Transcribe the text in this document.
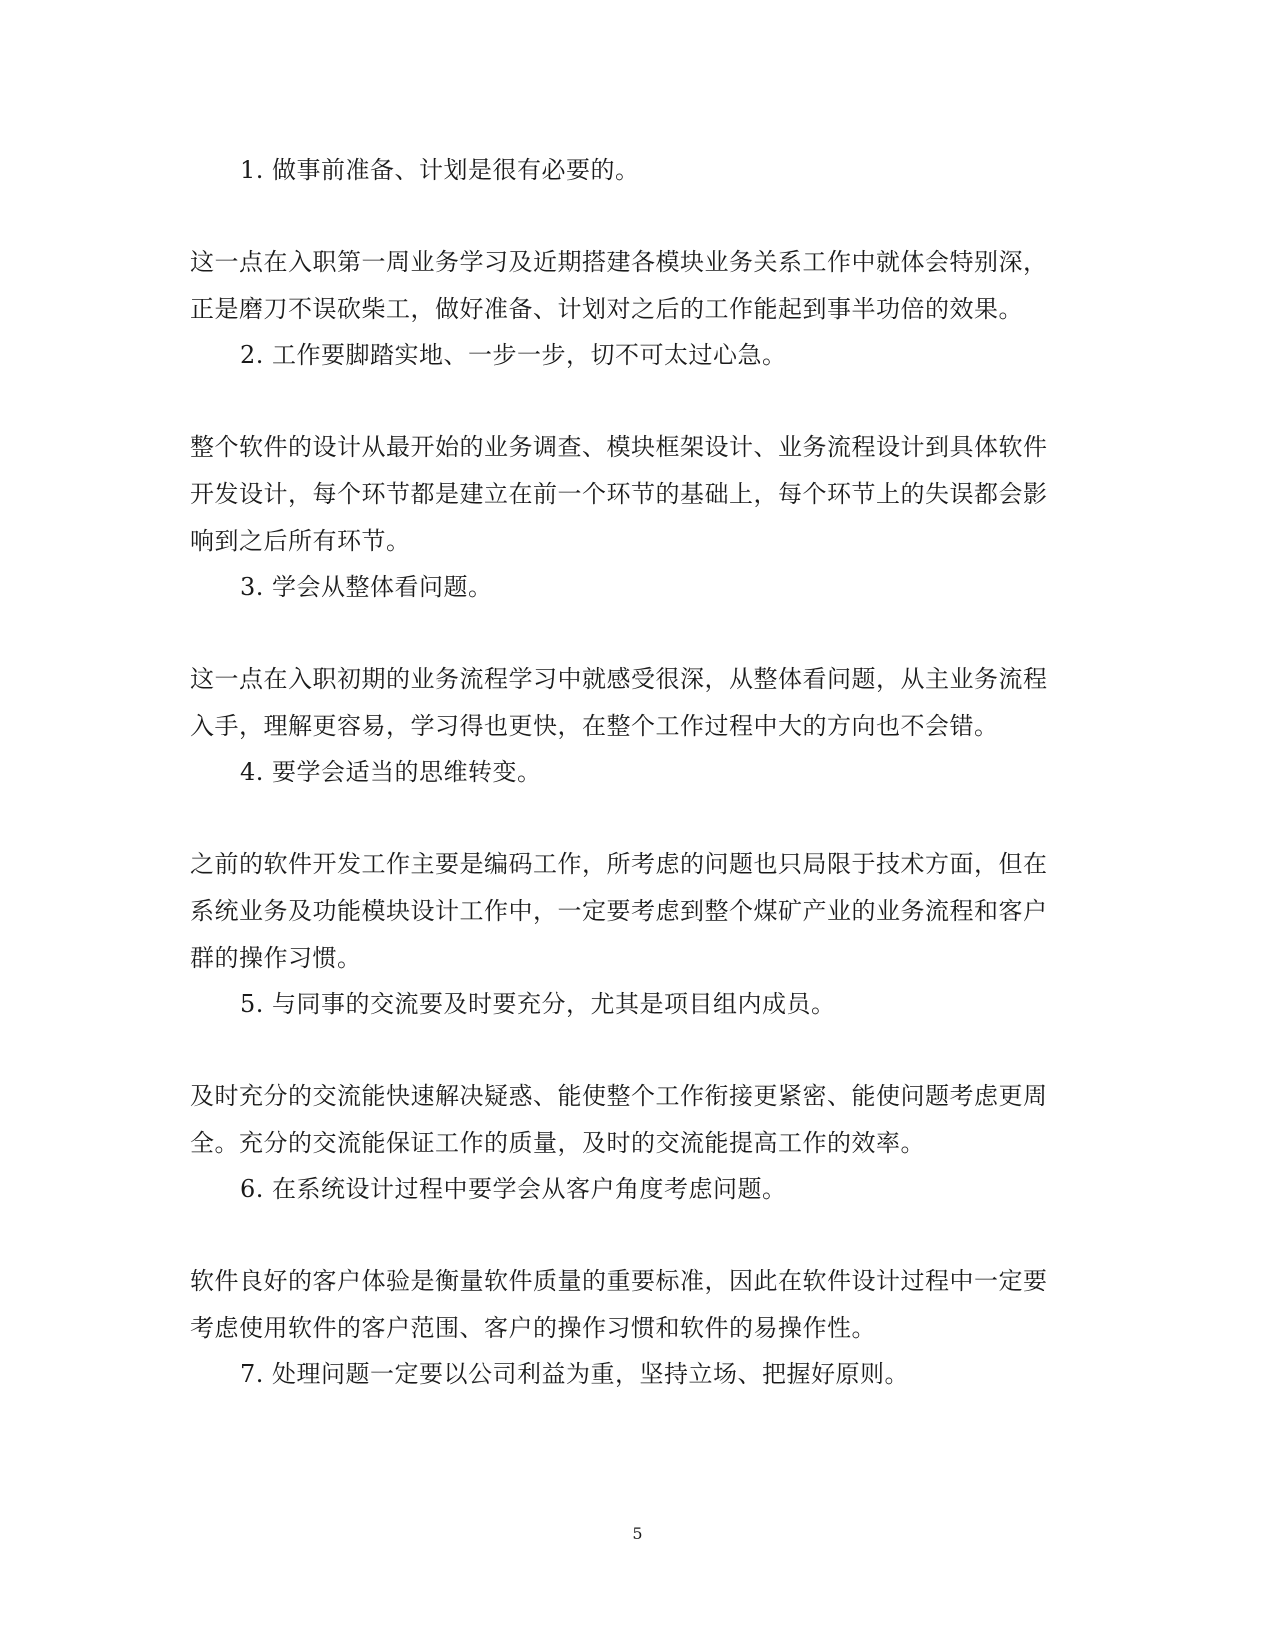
1. 做事前准备、计划是很有必要的。
这一点在入职第一周业务学习及近期搭建各模块业务关系工作中就体会特别深，
正是磨刀不误砍柴工，做好准备、计划对之后的工作能起到事半功倍的效果。
2. 工作要脚踏实地、一步一步，切不可太过心急。
整个软件的设计从最开始的业务调查、模块框架设计、业务流程设计到具体软件
开发设计，每个环节都是建立在前一个环节的基础上，每个环节上的失误都会影
响到之后所有环节。
3. 学会从整体看问题。
这一点在入职初期的业务流程学习中就感受很深，从整体看问题，从主业务流程
入手，理解更容易，学习得也更快，在整个工作过程中大的方向也不会错。
4. 要学会适当的思维转变。
之前的软件开发工作主要是编码工作，所考虑的问题也只局限于技术方面，但在
系统业务及功能模块设计工作中，一定要考虑到整个煤矿产业的业务流程和客户
群的操作习惯。
5. 与同事的交流要及时要充分，尤其是项目组内成员。
及时充分的交流能快速解决疑惑、能使整个工作衔接更紧密、能使问题考虑更周
全。充分的交流能保证工作的质量，及时的交流能提高工作的效率。
6. 在系统设计过程中要学会从客户角度考虑问题。
软件良好的客户体验是衡量软件质量的重要标准，因此在软件设计过程中一定要
考虑使用软件的客户范围、客户的操作习惯和软件的易操作性。
7. 处理问题一定要以公司利益为重，坚持立场、把握好原则。
5
